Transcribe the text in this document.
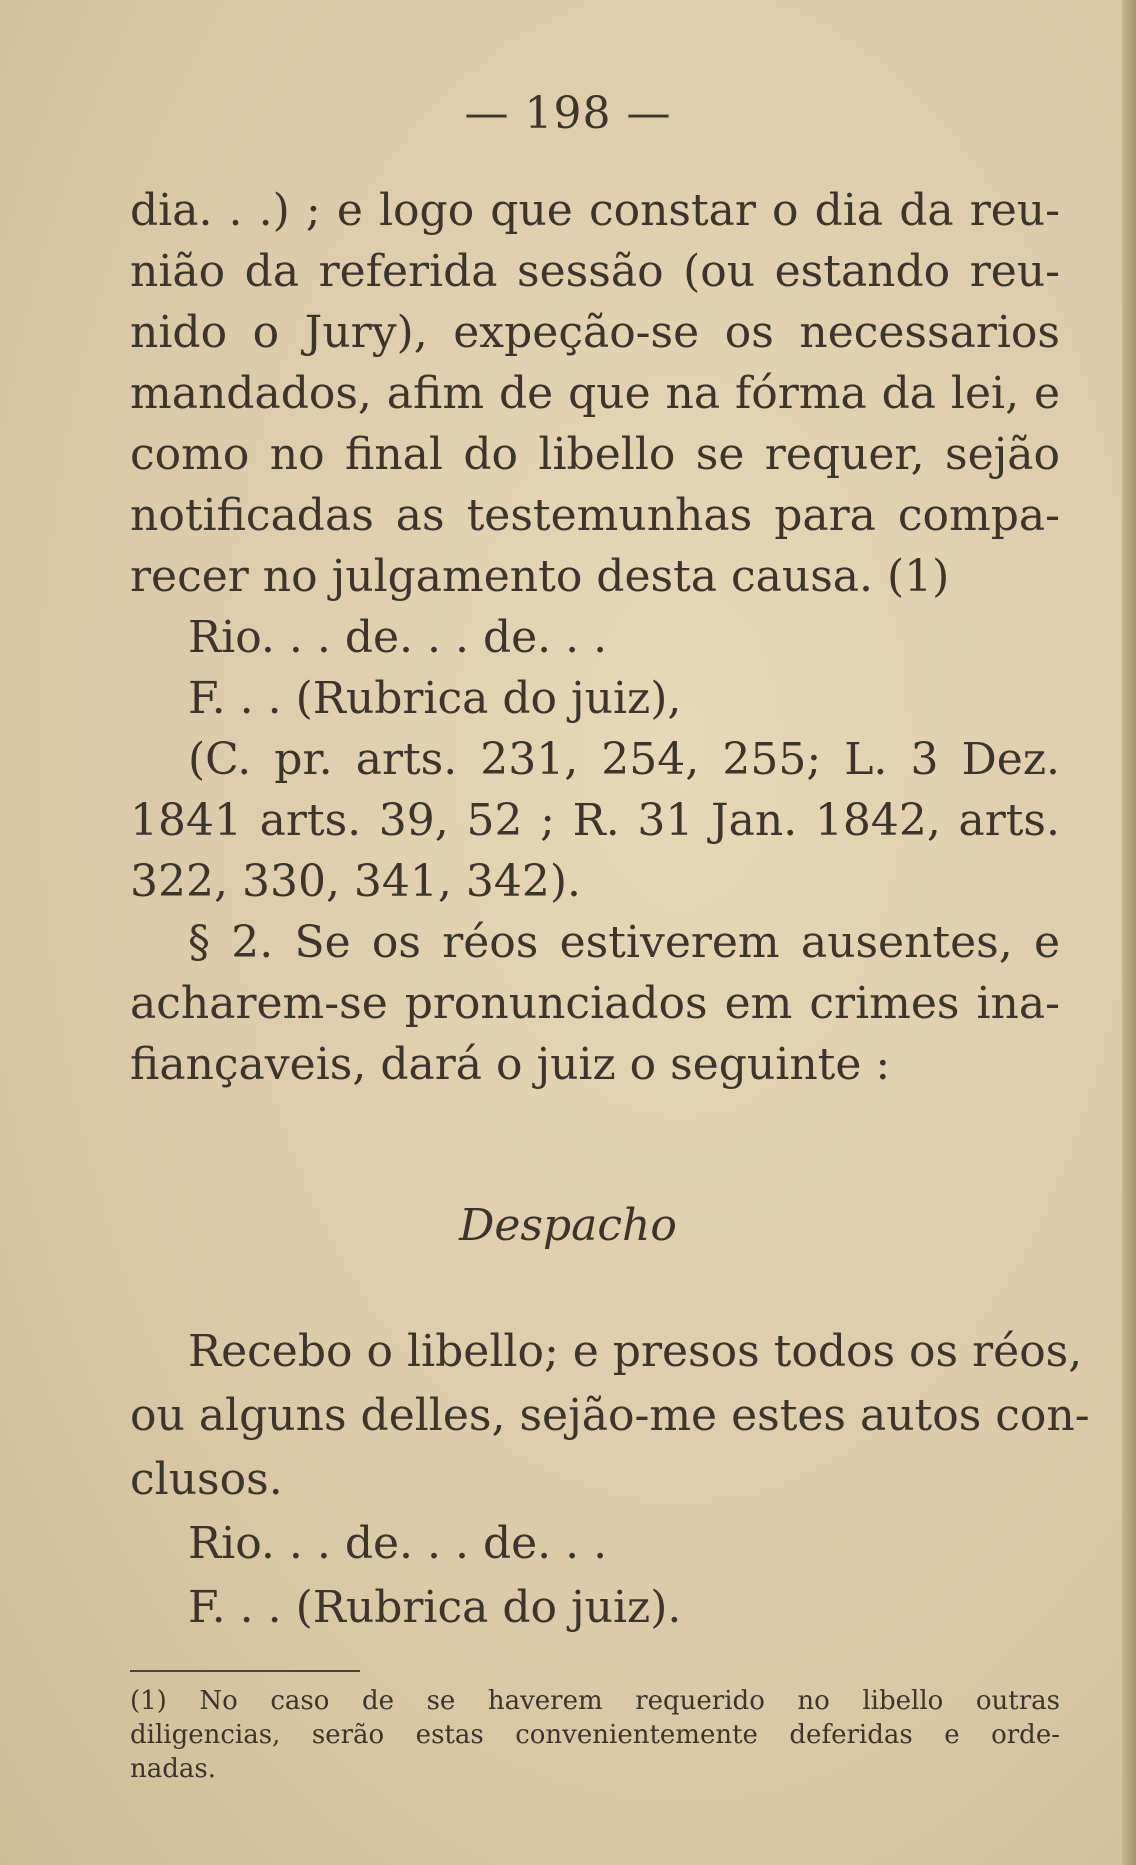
— 198 —
dia. . .) ; e logo que constar o dia da reu-
nião da referida sessão (ou estando reu-
nido o Jury), expeção-se os necessarios
mandados, afim de que na fórma da lei, e
como no final do libello se requer, sejão
notificadas as testemunhas para compa-
recer no julgamento desta causa. (1)
Rio. . . de. . . de. . .
F. . . (Rubrica do juiz),
(C. pr. arts. 231, 254, 255; L. 3 Dez.
1841 arts. 39, 52 ; R. 31 Jan. 1842, arts.
322, 330, 341, 342).
§ 2. Se os réos estiverem ausentes, e
acharem-se pronunciados em crimes ina-
fiançaveis, dará o juiz o seguinte :
Despacho
Recebo o libello; e presos todos os réos,
ou alguns delles, sejão-me estes autos con-
clusos.
Rio. . . de. . . de. . .
F. . . (Rubrica do juiz).
(1) No caso de se haverem requerido no libello outras
diligencias, serão estas convenientemente deferidas e orde-
nadas.
